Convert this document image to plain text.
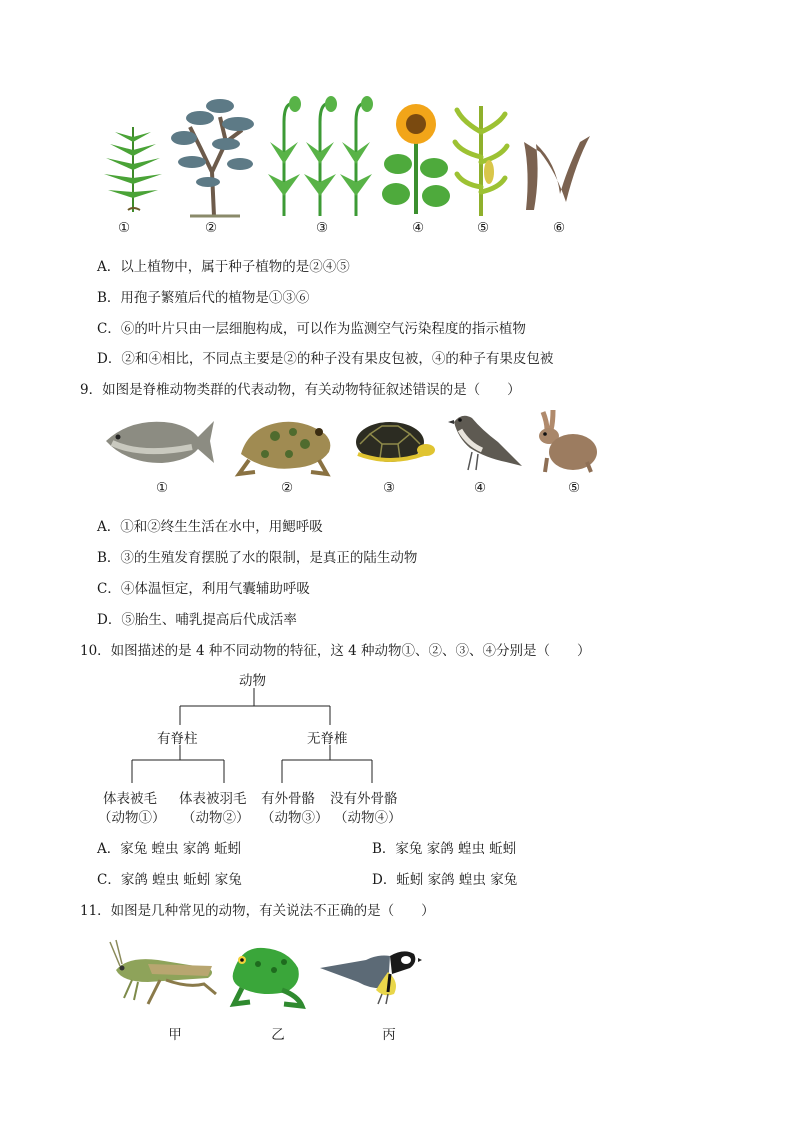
①	②	③	④	⑤	⑥
A．以上植物中，属于种子植物的是②④⑤
B．用孢子繁殖后代的植物是①③⑥
C．⑥的叶片只由一层细胞构成，可以作为监测空气污染程度的指示植物
D．②和④相比，不同点主要是②的种子没有果皮包被，④的种子有果皮包被
9．如图是脊椎动物类群的代表动物，有关动物特征叙述错误的是（　　）
①	②	③	④	⑤
A．①和②终生生活在水中，用鳃呼吸
B．③的生殖发育摆脱了水的限制，是真正的陆生动物
C．④体温恒定，利用气囊辅助呼吸
D．⑤胎生、哺乳提高后代成活率
10．如图描述的是 4 种不同动物的特征，这 4 种动物①、②、③、④分别是（　　）
动物
有脊柱	无脊椎
体表被毛 体表被羽毛 有外骨骼 没有外骨骼
（动物①） （动物②） （动物③） （动物④）
A．家兔 蝗虫 家鸽 蚯蚓	B．家兔 家鸽 蝗虫 蚯蚓
C．家鸽 蝗虫 蚯蚓 家兔	D．蚯蚓 家鸽 蝗虫 家兔
11．如图是几种常见的动物，有关说法不正确的是（　　）
甲	乙	丙
